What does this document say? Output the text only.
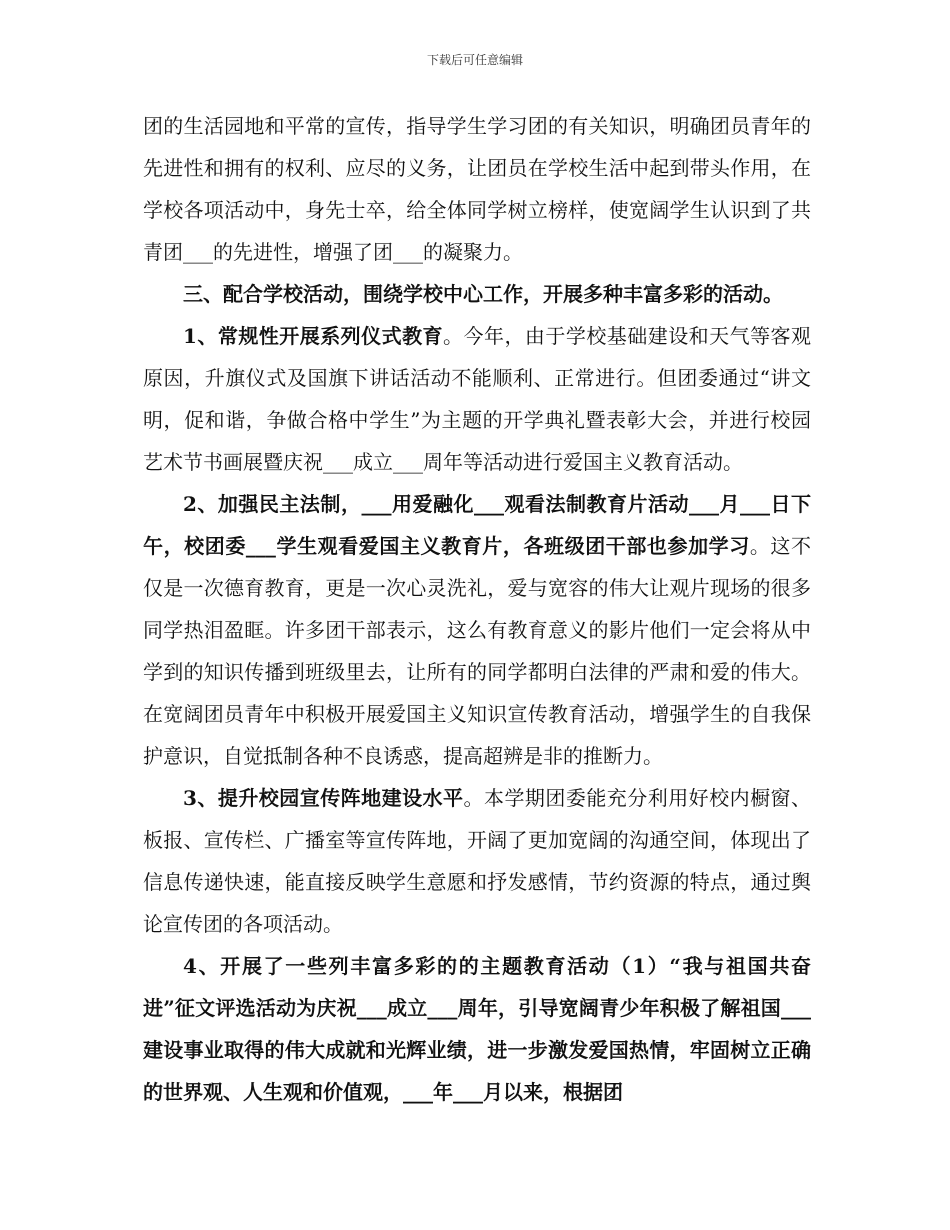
下载后可任意编辑

团的生活园地和平常的宣传，指导学生学习团的有关知识，明确团员青年的先进性和拥有的权利、应尽的义务，让团员在学校生活中起到带头作用，在学校各项活动中，身先士卒，给全体同学树立榜样，使宽阔学生认识到了共青团___的先进性，增强了团___的凝聚力。

三、配合学校活动，围绕学校中心工作，开展多种丰富多彩的活动。

1、常规性开展系列仪式教育。今年，由于学校基础建设和天气等客观原因，升旗仪式及国旗下讲话活动不能顺利、正常进行。但团委通过“讲文明，促和谐，争做合格中学生”为主题的开学典礼暨表彰大会，并进行校园艺术节书画展暨庆祝___成立___周年等活动进行爱国主义教育活动。

2、加强民主法制，___用爱融化___观看法制教育片活动___月___日下午，校团委___学生观看爱国主义教育片，各班级团干部也参加学习。这不仅是一次德育教育，更是一次心灵洗礼，爱与宽容的伟大让观片现场的很多同学热泪盈眶。许多团干部表示，这么有教育意义的影片他们一定会将从中学到的知识传播到班级里去，让所有的同学都明白法律的严肃和爱的伟大。在宽阔团员青年中积极开展爱国主义知识宣传教育活动，增强学生的自我保护意识，自觉抵制各种不良诱惑，提高超辨是非的推断力。

3、提升校园宣传阵地建设水平。本学期团委能充分利用好校内橱窗、板报、宣传栏、广播室等宣传阵地，开阔了更加宽阔的沟通空间，体现出了信息传递快速，能直接反映学生意愿和抒发感情，节约资源的特点，通过舆论宣传团的各项活动。

4、开展了一些列丰富多彩的的主题教育活动（1）“我与祖国共奋进”征文评选活动为庆祝___成立___周年，引导宽阔青少年积极了解祖国___建设事业取得的伟大成就和光辉业绩，进一步激发爱国热情，牢固树立正确的世界观、人生观和价值观，___年___月以来，根据团
